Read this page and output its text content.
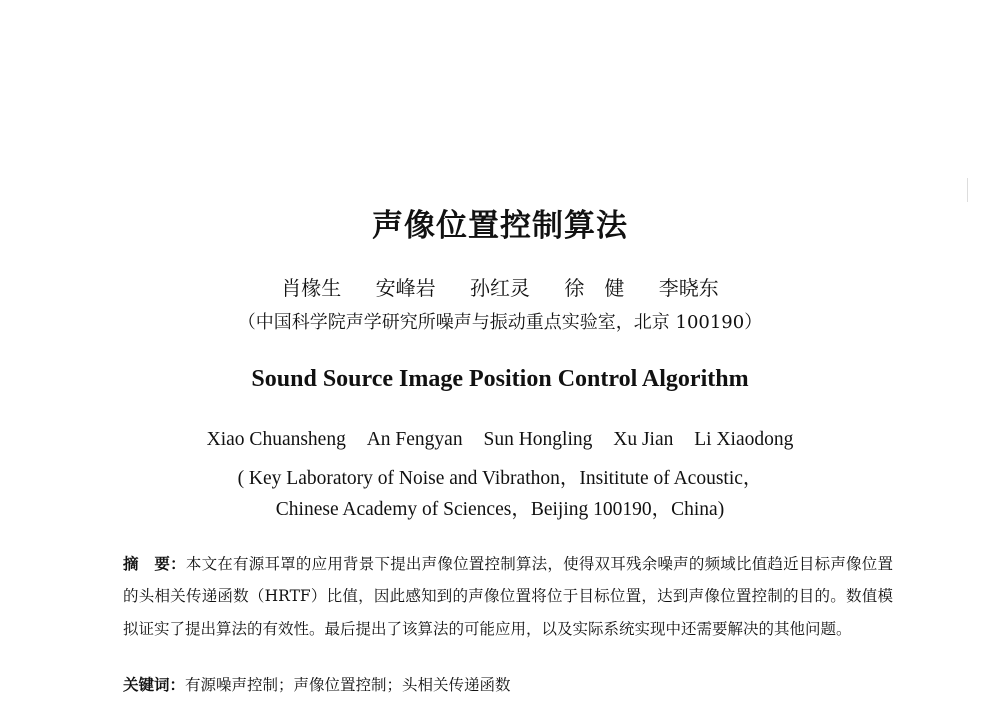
声像位置控制算法
肖椽生 安峰岩 孙红灵 徐　健 李晓东
（中国科学院声学研究所噪声与振动重点实验室，北京 100190）
Sound Source Image Position Control Algorithm
Xiao Chuansheng An Fengyan Sun Hongling Xu Jian Li Xiaodong
( Key Laboratory of Noise and Vibrathon，Insititute of Acoustic，
Chinese Academy of Sciences，Beijing 100190，China)
摘　要：本文在有源耳罩的应用背景下提出声像位置控制算法，使得双耳残余噪声的频域比值趋近目标声像位置的头相关传递函数（HRTF）比值，因此感知到的声像位置将位于目标位置，达到声像位置控制的目的。数值模拟证实了提出算法的有效性。最后提出了该算法的可能应用，以及实际系统实现中还需要解决的其他问题。
关键词：有源噪声控制；声像位置控制；头相关传递函数
